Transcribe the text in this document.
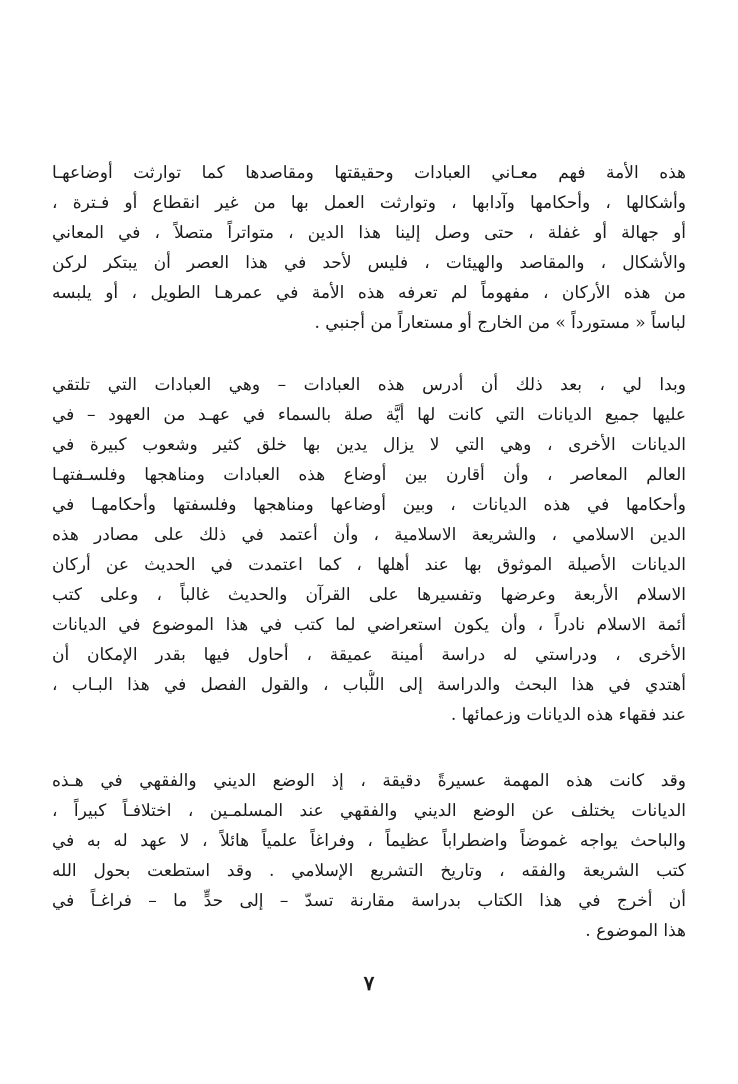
هذه الأمة فهم معـاني العبادات وحقيقتها ومقاصدها كما توارثت أوضاعهـا
وأشكالها ، وأحكامها وآدابها ، وتوارثت العمل بها من غير انقطاع أو فـترة ،
أو جهالة أو غفلة ، حتى وصل إلينا هذا الدين ، متواتراً متصلاً ، في المعاني
والأشكال ، والمقاصد والهيئات ، فليس لأحد في هذا العصر أن يبتكر لركن
من هذه الأركان ، مفهوماً لم تعرفه هذه الأمة في عمرهـا الطويل ، أو يلبسه
لباساً « مستورداً » من الخارج أو مستعاراً من أجنبي .
وبدا لي ، بعد ذلك أن أدرس هذه العبادات – وهي العبادات التي تلتقي
عليها جميع الديانات التي كانت لها أيَّة صلة بالسماء في عهـد من العهود – في
الديانات الأخرى ، وهي التي لا يزال يدين بها خلق كثير وشعوب كبيرة في
العالم المعاصر ، وأن أقارن بين أوضاع هذه العبادات ومناهجها وفلسـفتهـا
وأحكامها في هذه الديانات ، وبين أوضاعها ومناهجها وفلسفتها وأحكامهـا في
الدين الاسلامي ، والشريعة الاسلامية ، وأن أعتمد في ذلك على مصادر هذه
الديانات الأصيلة الموثوق بها عند أهلها ، كما اعتمدت في الحديث عن أركان
الاسلام الأربعة وعرضها وتفسيرها على القرآن والحديث غالباً ، وعلى كتب
أئمة الاسلام نادراً ، وأن يكون استعراضي لما كتب في هذا الموضوع في الديانات
الأخرى ، ودراستي له دراسة أمينة عميقة ، أحاول فيها بقدر الإمكان أن
أهتدي في هذا البحث والدراسة إلى اللُّباب ، والقول الفصل في هذا البـاب ،
عند فقهاء هذه الديانات وزعمائها .
وقد كانت هذه المهمة عسيرةً دقيقة ، إذ الوضع الديني والفقهي في هـذه
الديانات يختلف عن الوضع الديني والفقهي عند المسلمـين ، اختلافـاً كبيراً ،
والباحث يواجه غموضاً واضطراباً عظيماً ، وفراغاً علمياً هائلاً ، لا عهد له به في
كتب الشريعة والفقه ، وتاريخ التشريع الإسلامي . وقد استطعت بحول الله
أن أخرج في هذا الكتاب بدراسة مقارنة تسدّ – إلى حدٍّ ما – فراغـاً في
هذا الموضوع .
٧
